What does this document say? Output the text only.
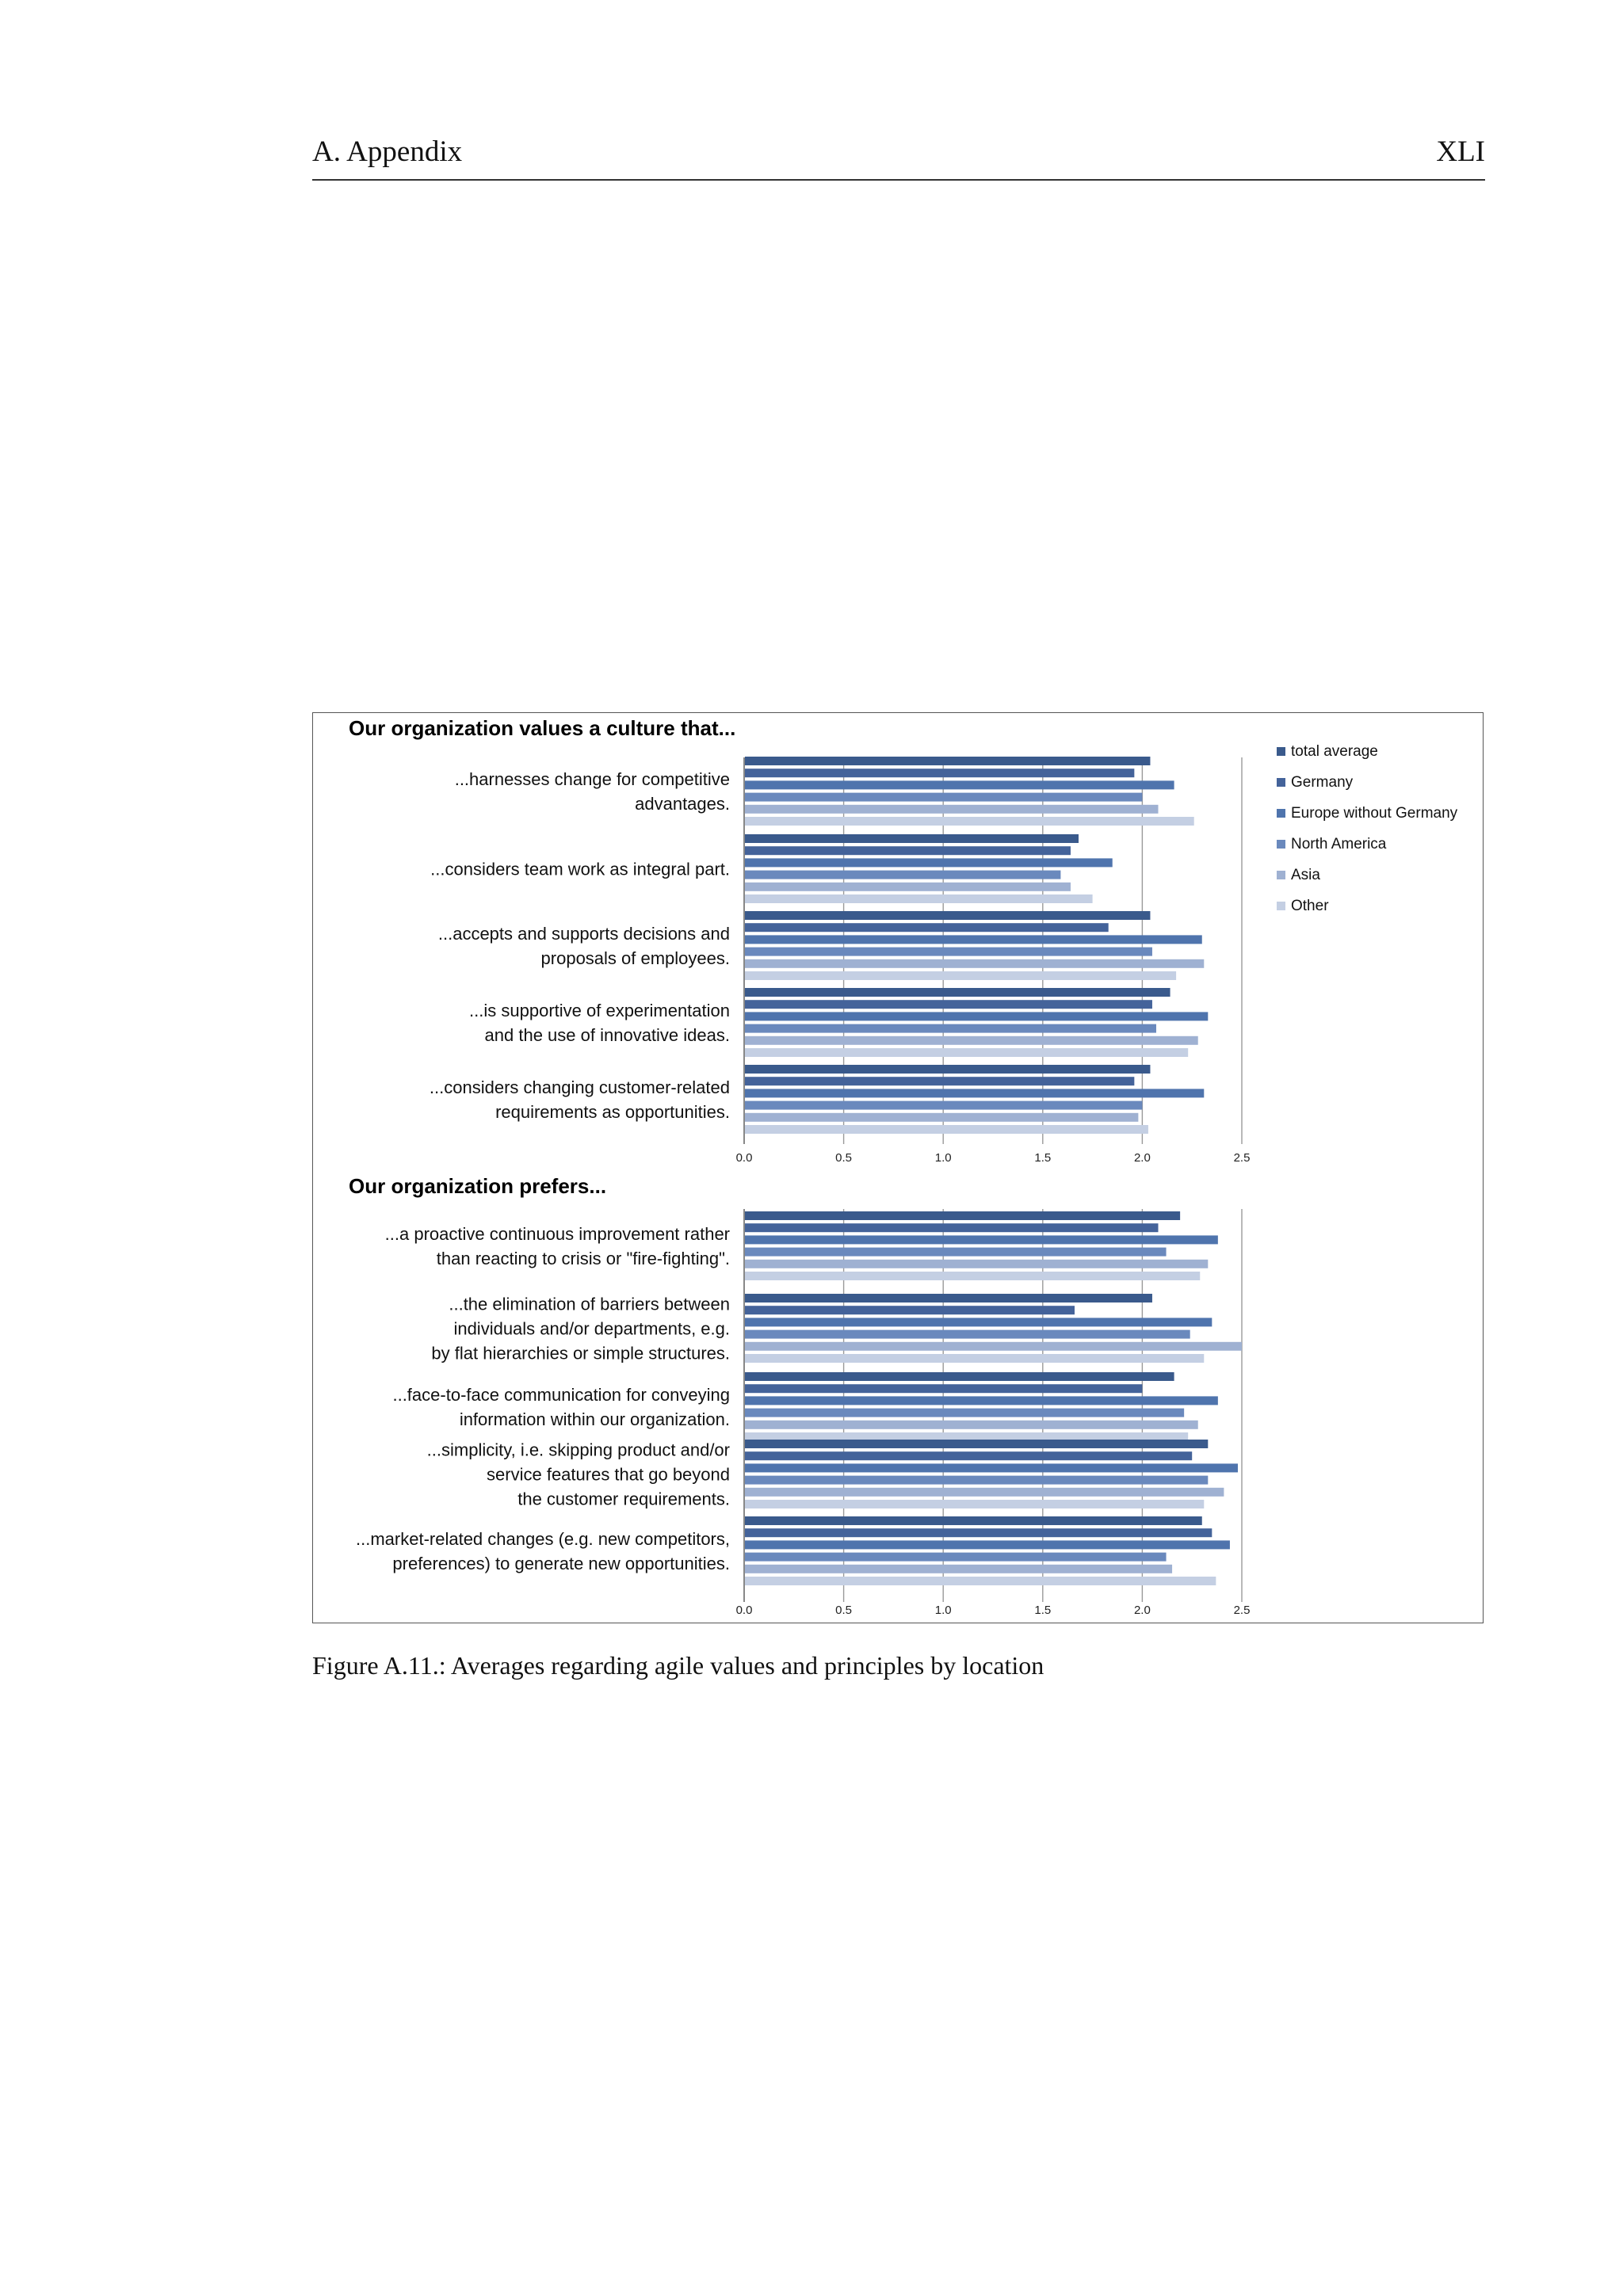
A. Appendix	XLI
Our organization values a culture that...
0.0	0.5	1.0	1.5	2.0	2.5
...harnesses change for competitive
advantages.
...considers team work as integral part.
...accepts and supports decisions and
proposals of employees.
...is supportive of experimentation
and the use of innovative ideas.
...considers changing customer-related
requirements as opportunities.
total average
Germany
Europe without Germany
North America
Asia
Other
Our organization prefers...
0.0	0.5	1.0	1.5	2.0	2.5
...a proactive continuous improvement rather
than reacting to crisis or "fire-fighting".
...the elimination of barriers between
individuals and/or departments, e.g.
by flat hierarchies or simple structures.
...face-to-face communication for conveying
information within our organization.
...simplicity, i.e. skipping product and/or
service features that go beyond
the customer requirements.
...market-related changes (e.g. new competitors,
preferences) to generate new opportunities.
Figure A.11.: Averages regarding agile values and principles by location
